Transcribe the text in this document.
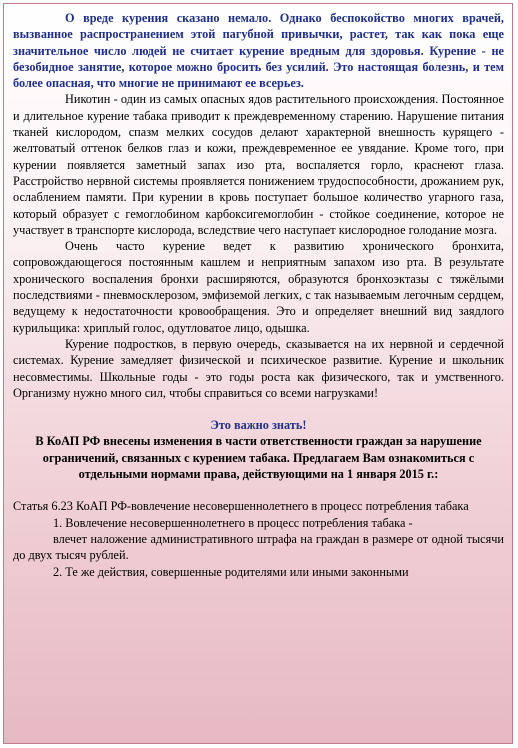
О вреде курения сказано немало. Однако беспокойство многих врачей, вызванное распространением этой пагубной привычки, растет, так как пока еще значительное число людей не считает курение вредным для здоровья. Курение - не безобидное занятие, которое можно бросить без усилий. Это настоящая болезнь, и тем более опасная, что многие не принимают ее всерьез.

Никотин - один из самых опасных ядов растительного происхождения. Постоянное и длительное курение табака приводит к преждевременному старению. Нарушение питания тканей кислородом, спазм мелких сосудов делают характерной внешность курящего - желтоватый оттенок белков глаз и кожи, преждевременное ее увядание. Кроме того, при курении появляется заметный запах изо рта, воспаляется горло, краснеют глаза. Расстройство нервной системы проявляется понижением трудоспособности, дрожанием рук, ослаблением памяти. При курении в кровь поступает большое количество угарного газа, который образует с гемоглобином карбоксигемоглобин - стойкое соединение, которое не участвует в транспорте кислорода, вследствие чего наступает кислородное голодание мозга.

Очень часто курение ведет к развитию хронического бронхита, сопровождающегося постоянным кашлем и неприятным запахом изо рта. В результате хронического воспаления бронхи расширяются, образуются бронхоэктазы с тяжёлыми последствиями - пневмосклерозом, эмфиземой легких, с так называемым легочным сердцем, ведущему к недостаточности кровообращения. Это и определяет внешний вид заядлого курильщика: хриплый голос, одутловатое лицо, одышка.

Курение подростков, в первую очередь, сказывается на их нервной и сердечной системах. Курение замедляет физической и психическое развитие. Курение и школьник несовместимы. Школьные годы - это годы роста как физического, так и умственного. Организму нужно много сил, чтобы справиться со всеми нагрузками!

Это важно знать!

В КоАП РФ внесены изменения в части ответственности граждан за нарушение ограничений, связанных с курением табака. Предлагаем Вам ознакомиться с отдельными нормами права, действующими на 1 января 2015 г.:

Статья 6.23 КоАП РФ-вовлечение несовершеннолетнего в процесс потребления табака

1. Вовлечение несовершеннолетнего в процесс потребления табака -

влечет наложение административного штрафа на граждан в размере от одной тысячи до двух тысяч рублей.

2. Те же действия, совершенные родителями или иными законными
